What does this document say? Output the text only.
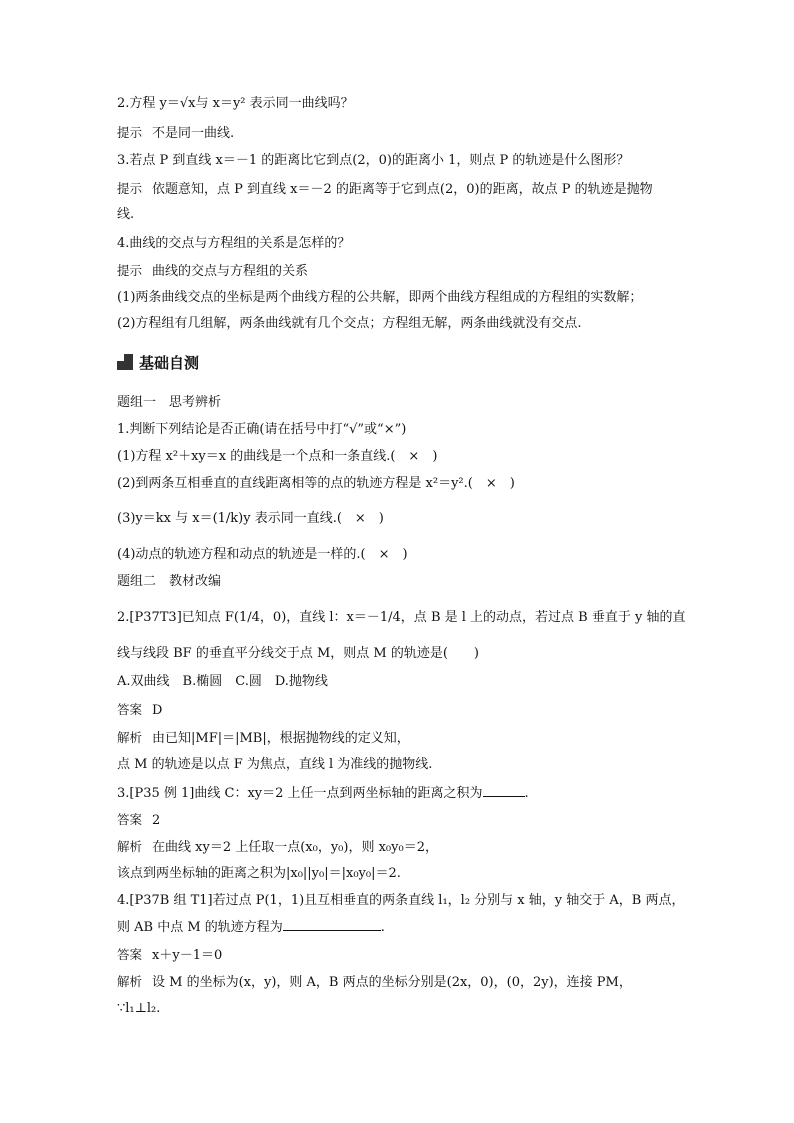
2.方程 y＝√x与 x＝y² 表示同一曲线吗？
提示 不是同一曲线.
3.若点 P 到直线 x＝－1 的距离比它到点(2，0)的距离小 1，则点 P 的轨迹是什么图形？
提示 依题意知，点 P 到直线 x＝－2 的距离等于它到点(2，0)的距离，故点 P 的轨迹是抛物
线.
4.曲线的交点与方程组的关系是怎样的？
提示 曲线的交点与方程组的关系
(1)两条曲线交点的坐标是两个曲线方程的公共解，即两个曲线方程组成的方程组的实数解；
(2)方程组有几组解，两条曲线就有几个交点；方程组无解，两条曲线就没有交点.
基础自测
题组一　思考辨析
1.判断下列结论是否正确(请在括号中打“√”或“×”)
(1)方程 x²＋xy＝x 的曲线是一个点和一条直线.(　×　)
(2)到两条互相垂直的直线距离相等的点的轨迹方程是 x²＝y².(　×　)
(3)y＝kx 与 x＝(1/k)y 表示同一直线.(　×　)
(4)动点的轨迹方程和动点的轨迹是一样的.(　×　)
题组二　教材改编
2.[P37T3]已知点 F(1/4，0)，直线 l：x＝－1/4，点 B 是 l 上的动点，若过点 B 垂直于 y 轴的直
线与线段 BF 的垂直平分线交于点 M，则点 M 的轨迹是(　　)
A.双曲线　B.椭圆　C.圆　D.抛物线
答案 D
解析 由已知|MF|＝|MB|，根据抛物线的定义知，
点 M 的轨迹是以点 F 为焦点，直线 l 为准线的抛物线.
3.[P35 例 1]曲线 C：xy＝2 上任一点到两坐标轴的距离之积为	.
答案 2
解析 在曲线 xy＝2 上任取一点(x₀，y₀)，则 x₀y₀＝2，
该点到两坐标轴的距离之积为|x₀||y₀|＝|x₀y₀|＝2.
4.[P37B 组 T1]若过点 P(1，1)且互相垂直的两条直线 l₁，l₂ 分别与 x 轴，y 轴交于 A，B 两点，
则 AB 中点 M 的轨迹方程为	.
答案 x＋y－1＝0
解析 设 M 的坐标为(x，y)，则 A，B 两点的坐标分别是(2x，0)，(0，2y)，连接 PM，
∵l₁⊥l₂.
